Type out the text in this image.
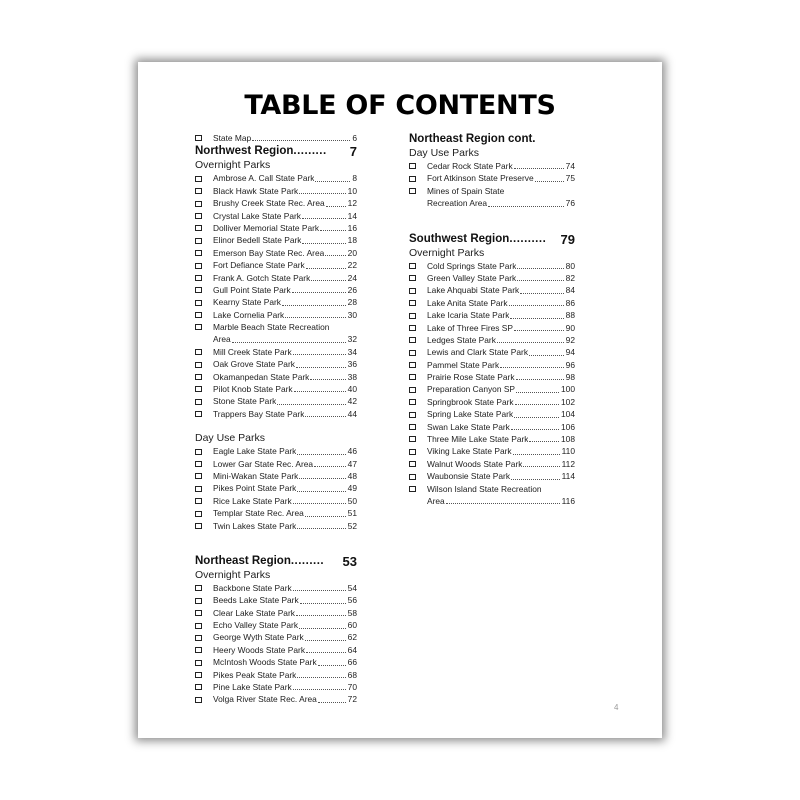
TABLE OF CONTENTS
State Map	6
Northwest Region ......... 7
Overnight Parks
Ambrose A. Call State Park	8
Black Hawk State Park	10
Brushy Creek State Rec. Area	12
Crystal Lake State Park	14
Dolliver Memorial State Park	16
Elinor Bedell State Park	18
Emerson Bay State Rec. Area	20
Fort Defiance State Park	22
Frank A. Gotch State Park	24
Gull Point State Park	26
Kearny State Park	28
Lake Cornelia Park	30
Marble Beach State Recreation
Area	32
Mill Creek State Park	34
Oak Grove State Park	36
Okamanpedan State Park	38
Pilot Knob State Park	40
Stone State Park	42
Trappers Bay State Park	44
Day Use Parks
Eagle Lake State Park	46
Lower Gar State Rec. Area	47
Mini-Wakan State Park	48
Pikes Point State Park	49
Rice Lake State Park	50
Templar State Rec. Area	51
Twin Lakes State Park	52
Northeast Region ......... 53
Overnight Parks
Backbone State Park	54
Beeds Lake State Park	56
Clear Lake State Park	58
Echo Valley State Park	60
George Wyth State Park	62
Heery Woods State Park	64
McIntosh Woods State Park	66
Pikes Peak State Park	68
Pine Lake State Park	70
Volga River State Rec. Area	72
Northeast Region cont.
Day Use Parks
Cedar Rock State Park	74
Fort Atkinson State Preserve	75
Mines of Spain State
Recreation Area	76
Southwest Region .......... 79
Overnight Parks
Cold Springs State Park	80
Green Valley State Park	82
Lake Ahquabi State Park	84
Lake Anita State Park	86
Lake Icaria State Park	88
Lake of Three Fires SP	90
Ledges State Park	92
Lewis and Clark State Park	94
Pammel State Park	96
Prairie Rose State Park	98
Preparation Canyon SP	100
Springbrook State Park	102
Spring Lake State Park	104
Swan Lake State Park	106
Three Mile Lake State Park	108
Viking Lake State Park	110
Walnut Woods State Park	112
Waubonsie State Park	114
Wilson Island State Recreation
Area	116
4
